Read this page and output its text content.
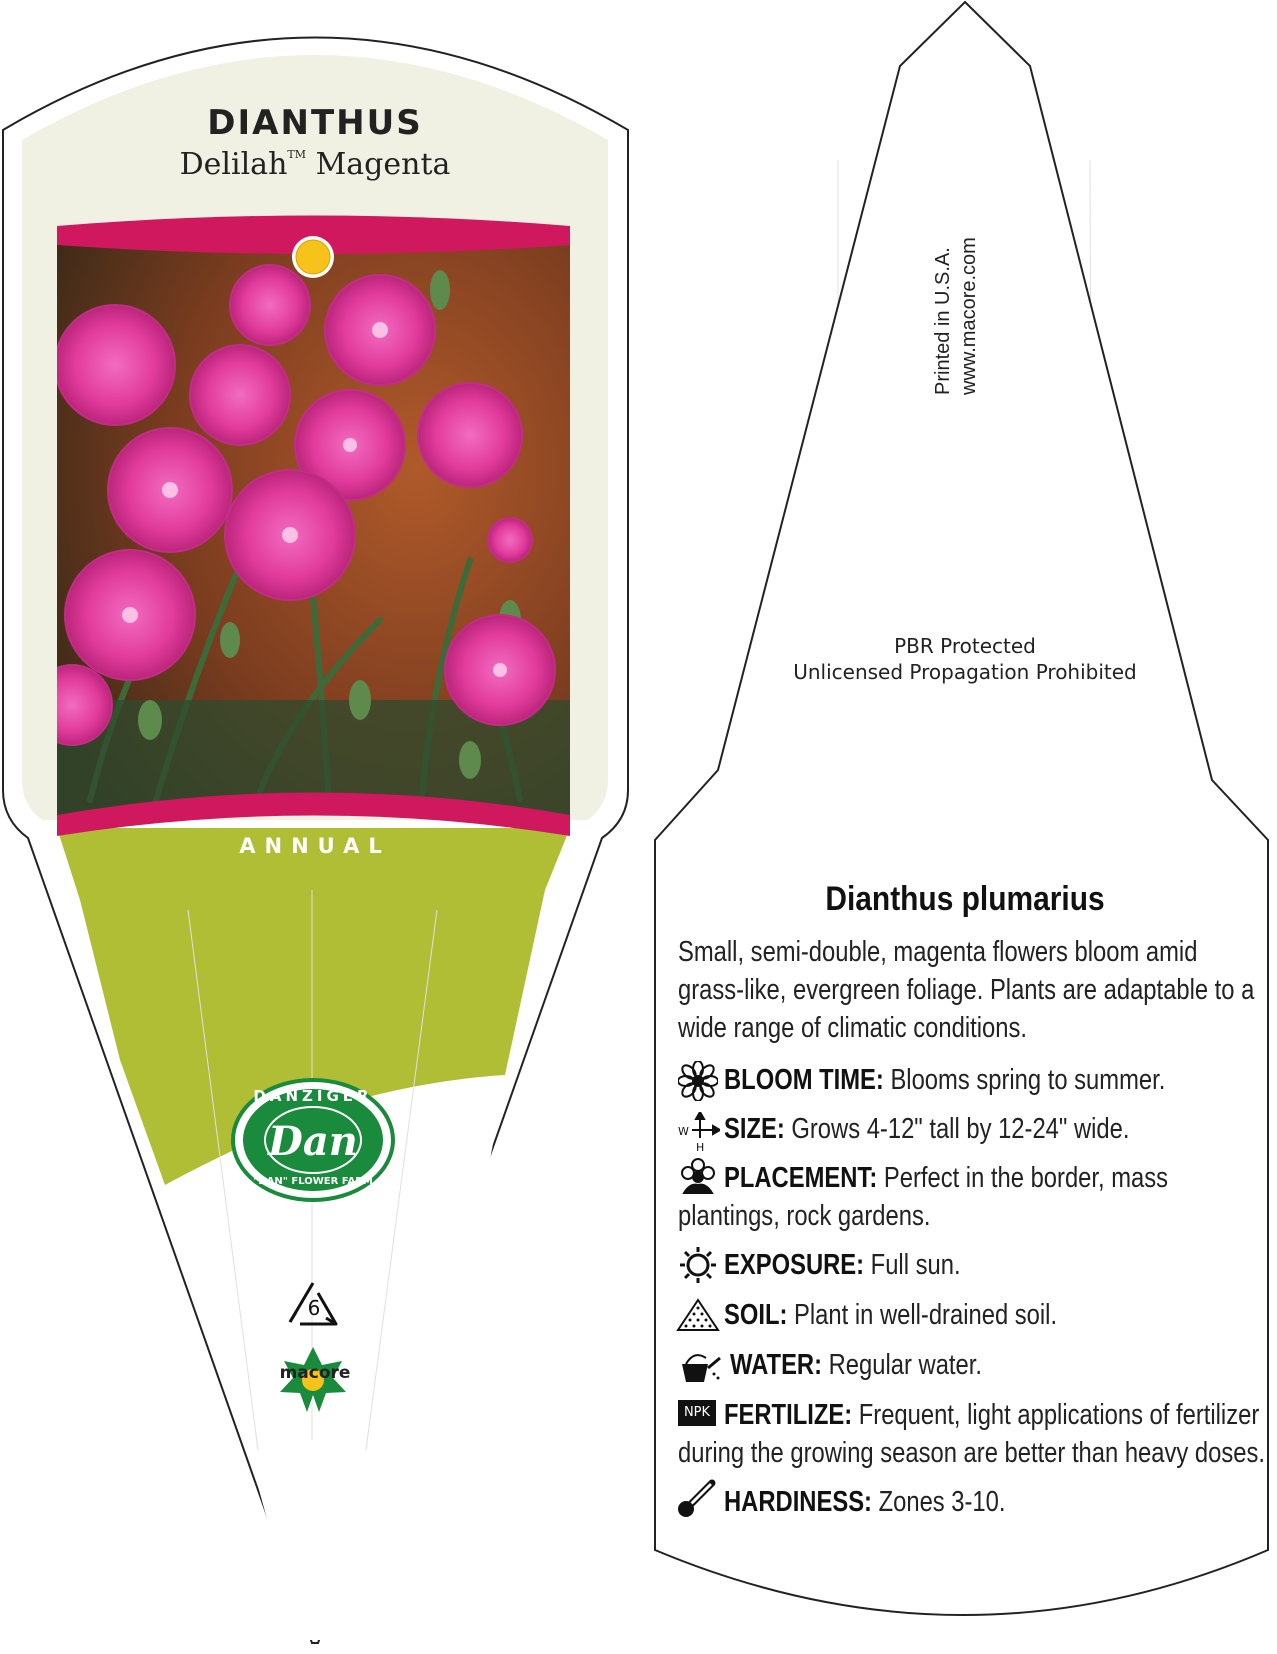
Dan
DANZIGER
"DAN" FLOWER FARM
DIANTHUS
Delilah™ Magenta
ANNUAL
6
macore
Printed in U.S.A. www.macore.com
PBR Protected
Unlicensed Propagation Prohibited
Dianthus plumarius
Small, semi-double, magenta flowers bloom amid
grass-like, evergreen foliage. Plants are adaptable to a
wide range of climatic conditions.
W
H
NPK
BLOOM TIME: Blooms spring to summer.
SIZE: Grows 4-12" tall by 12-24" wide.
PLACEMENT: Perfect in the border, mass
plantings, rock gardens.
EXPOSURE: Full sun.
SOIL: Plant in well-drained soil.
WATER: Regular water.
FERTILIZE: Frequent, light applications of fertilizer
during the growing season are better than heavy doses.
HARDINESS: Zones 3-10.
